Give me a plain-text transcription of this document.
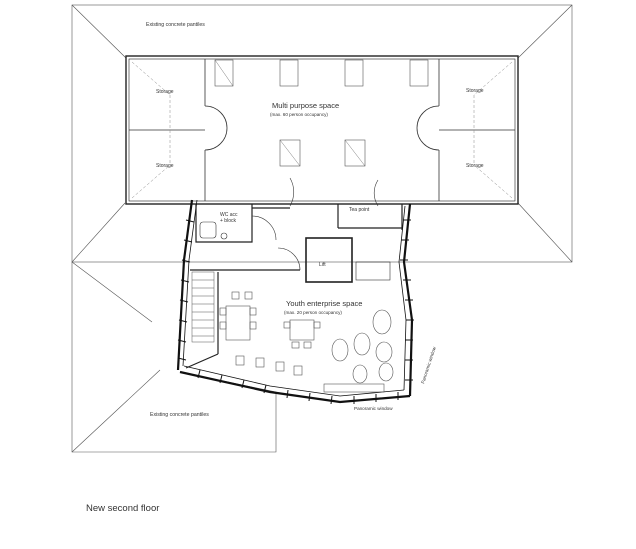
Existing concrete pantiles
Existing concrete pantiles
Storage
Storage
Storage
Storage
Multi purpose space
(max. 60 person occupancy)
WC acc
+ block
Tea point
Lift
Youth enterprise space
(max. 20 person occupancy)
Panoramic window
Panoramic window
New second floor
